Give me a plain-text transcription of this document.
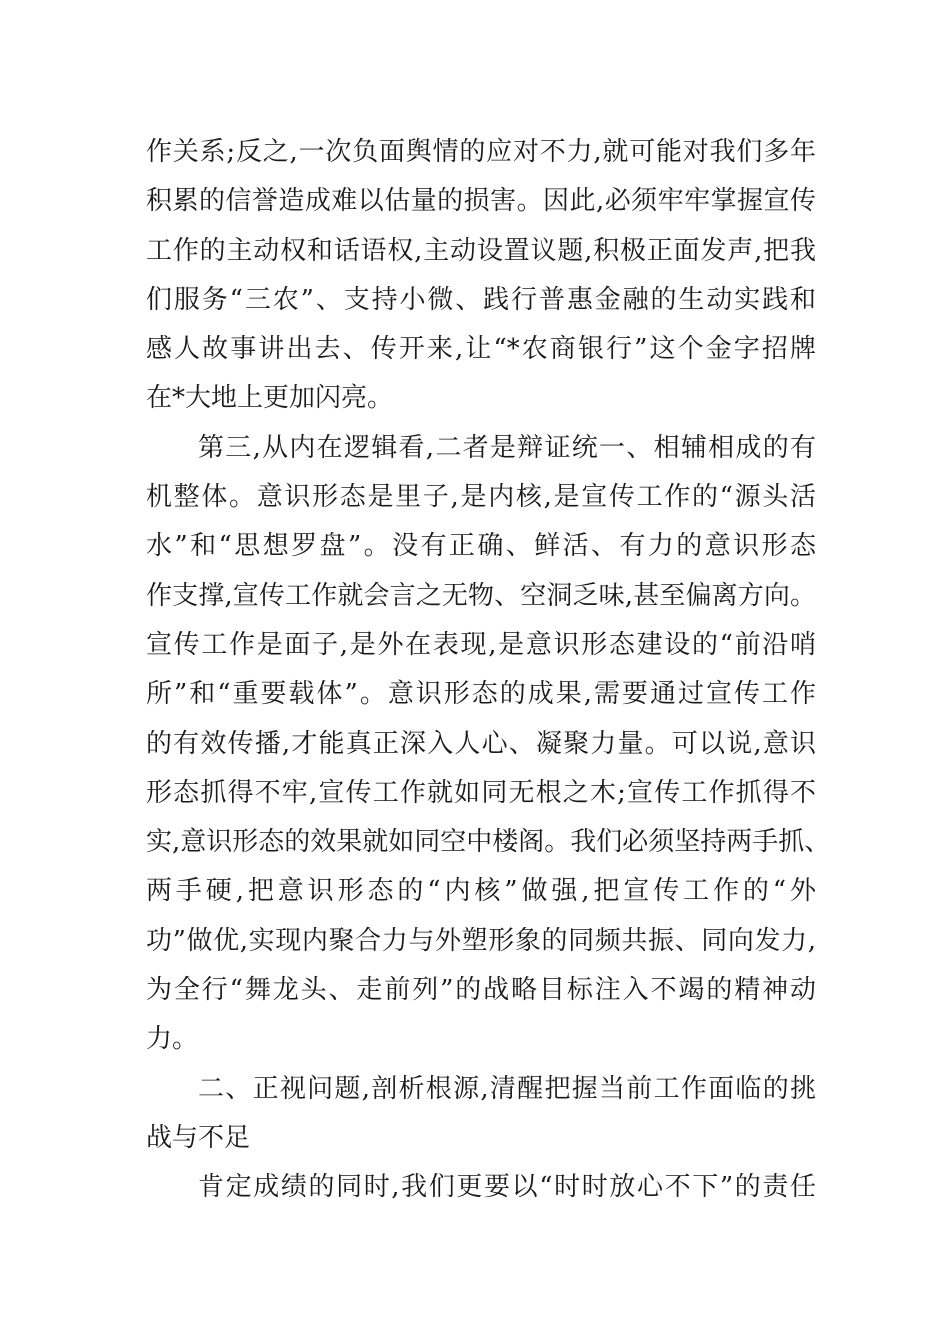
作关系;反之,一次负面舆情的应对不力,就可能对我们多年
积累的信誉造成难以估量的损害。因此,必须牢牢掌握宣传
工作的主动权和话语权,主动设置议题,积极正面发声,把我
们服务“三农”、支持小微、践行普惠金融的生动实践和
感人故事讲出去、传开来,让“*农商银行”这个金字招牌
在*大地上更加闪亮。
第三,从内在逻辑看,二者是辩证统一、相辅相成的有
机整体。意识形态是里子,是内核,是宣传工作的“源头活
水”和“思想罗盘”。没有正确、鲜活、有力的意识形态
作支撑,宣传工作就会言之无物、空洞乏味,甚至偏离方向。
宣传工作是面子,是外在表现,是意识形态建设的“前沿哨
所”和“重要载体”。意识形态的成果,需要通过宣传工作
的有效传播,才能真正深入人心、凝聚力量。可以说,意识
形态抓得不牢,宣传工作就如同无根之木;宣传工作抓得不
实,意识形态的效果就如同空中楼阁。我们必须坚持两手抓、
两手硬,把意识形态的“内核”做强,把宣传工作的“外
功”做优,实现内聚合力与外塑形象的同频共振、同向发力,
为全行“舞龙头、走前列”的战略目标注入不竭的精神动
力。
二、正视问题,剖析根源,清醒把握当前工作面临的挑
战与不足
肯定成绩的同时,我们更要以“时时放心不下”的责任
